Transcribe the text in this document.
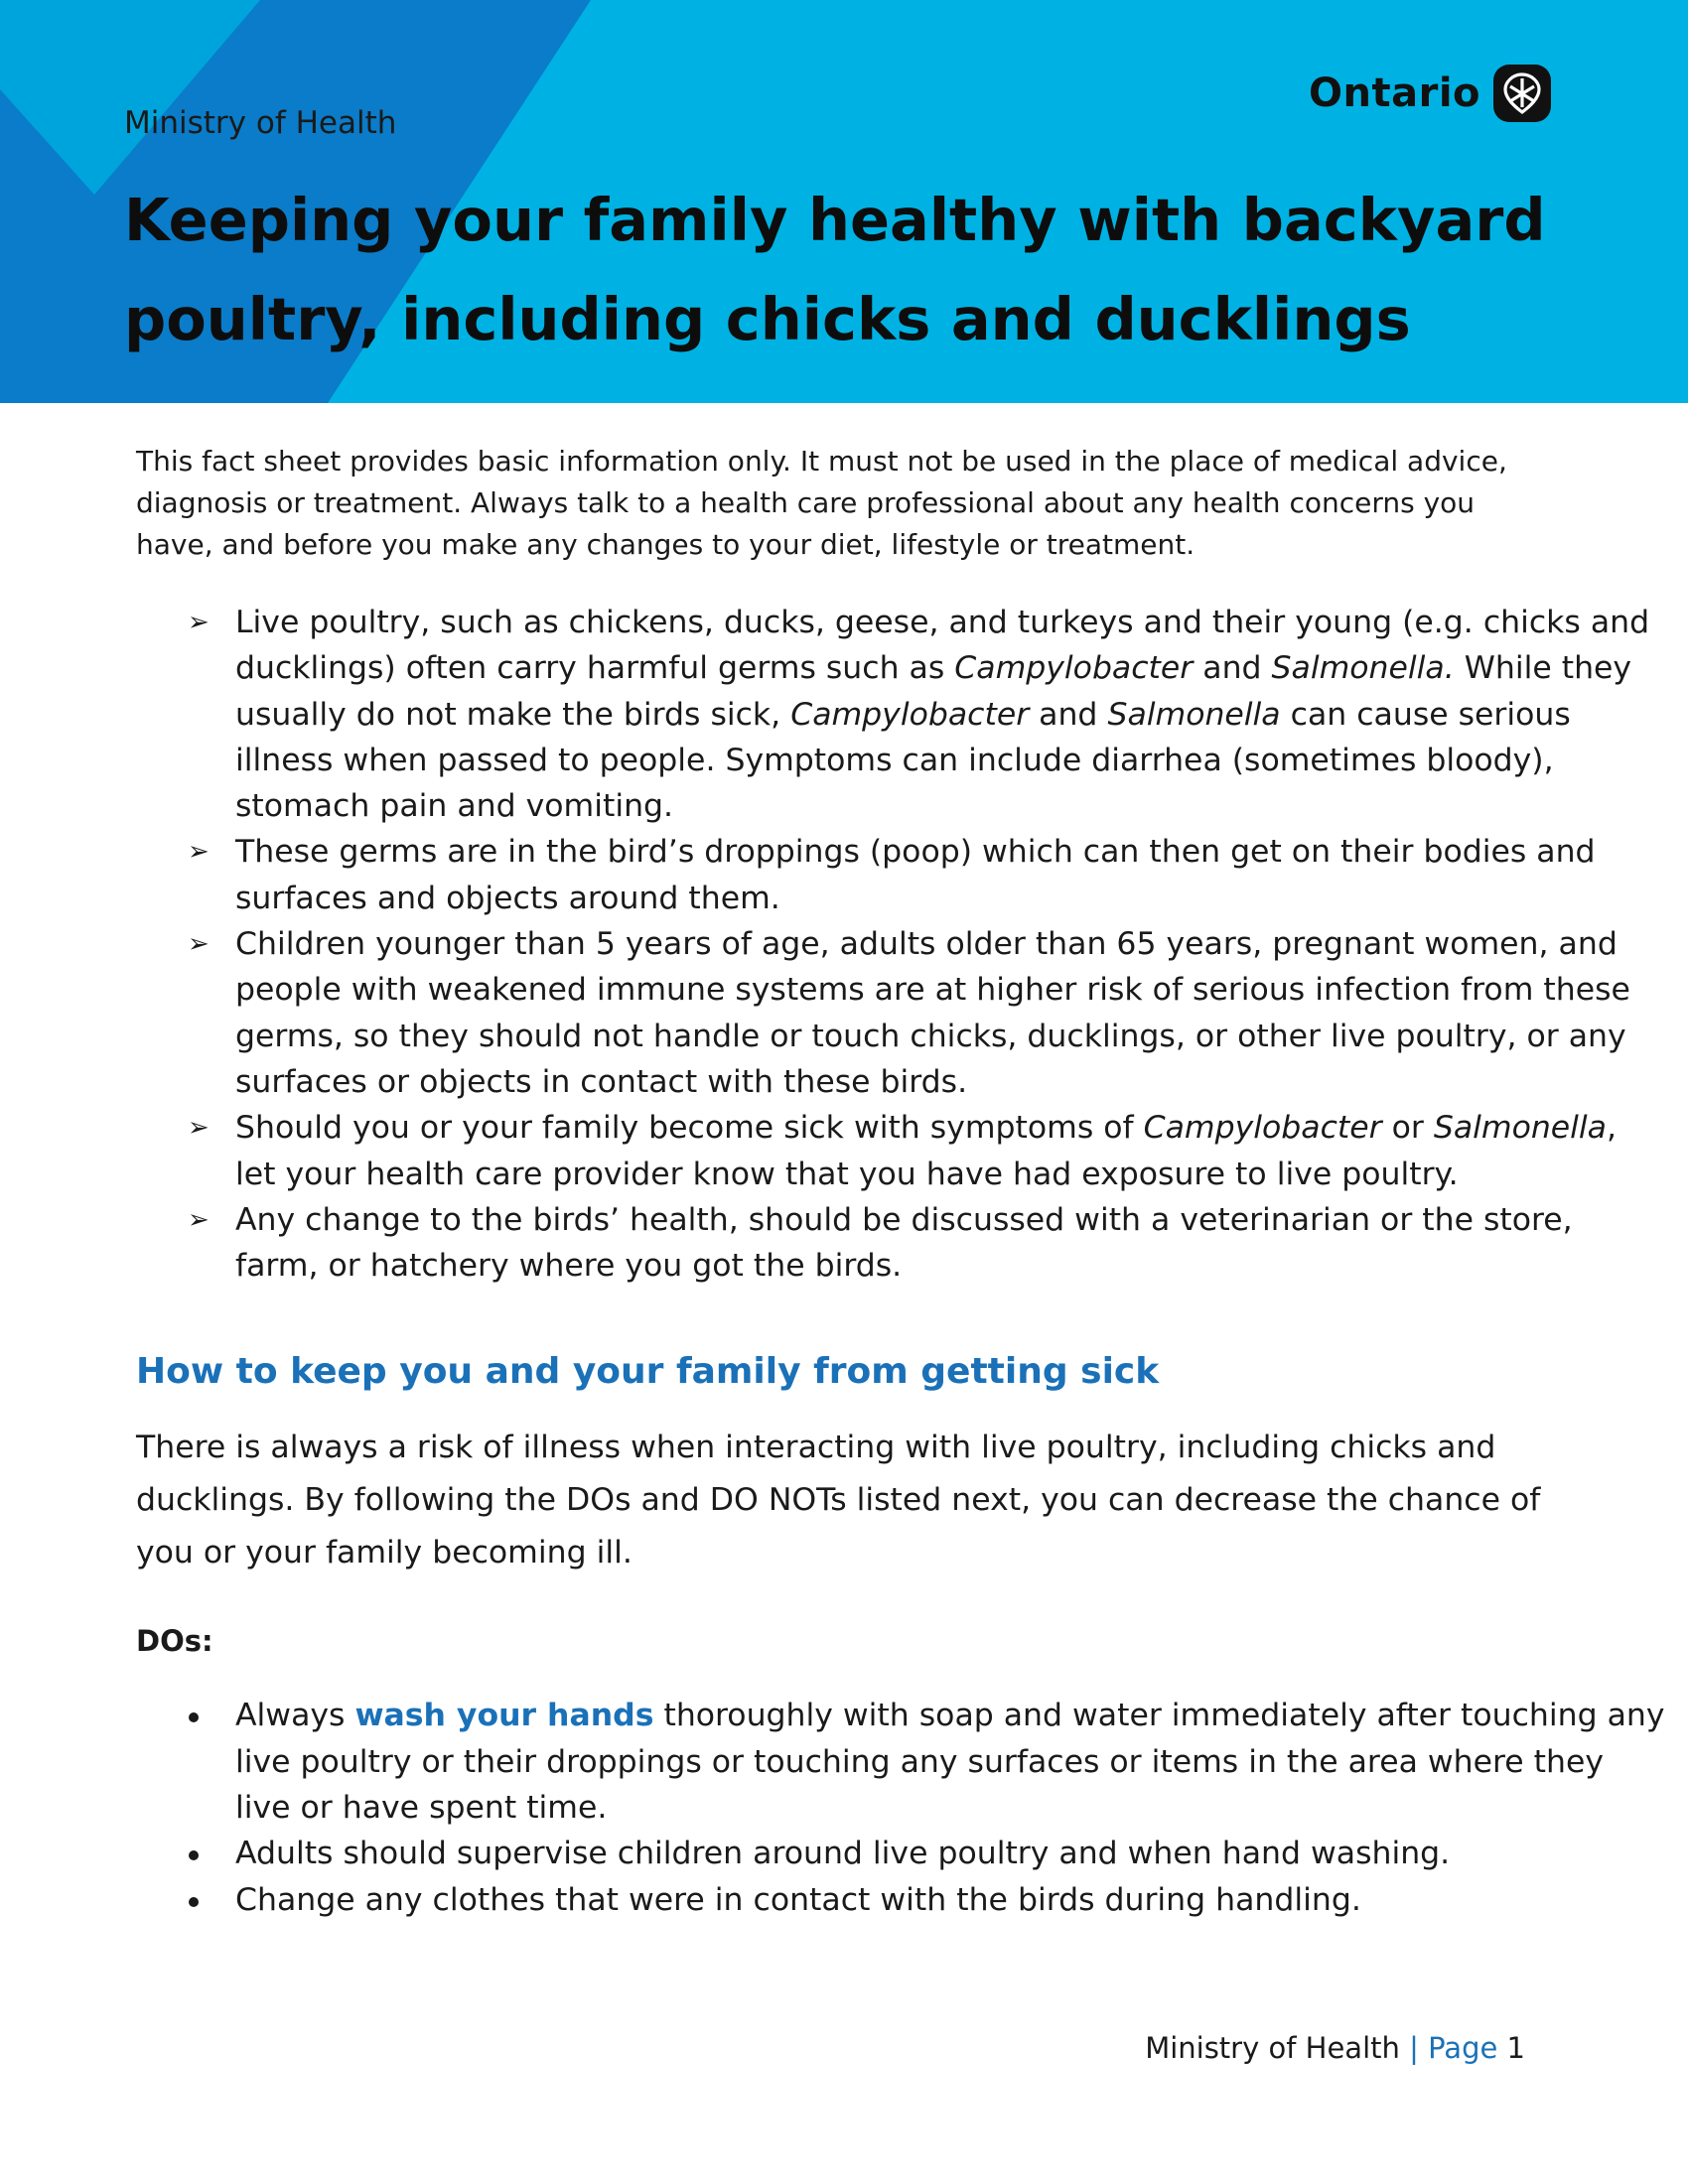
Ministry of Health
Ontario
Keeping your family healthy with backyard poultry, including chicks and ducklings

This fact sheet provides basic information only. It must not be used in the place of medical advice, diagnosis or treatment. Always talk to a health care professional about any health concerns you have, and before you make any changes to your diet, lifestyle or treatment.

➢ Live poultry, such as chickens, ducks, geese, and turkeys and their young (e.g. chicks and ducklings) often carry harmful germs such as Campylobacter and Salmonella. While they usually do not make the birds sick, Campylobacter and Salmonella can cause serious illness when passed to people. Symptoms can include diarrhea (sometimes bloody), stomach pain and vomiting.
➢ These germs are in the bird’s droppings (poop) which can then get on their bodies and surfaces and objects around them.
➢ Children younger than 5 years of age, adults older than 65 years, pregnant women, and people with weakened immune systems are at higher risk of serious infection from these germs, so they should not handle or touch chicks, ducklings, or other live poultry, or any surfaces or objects in contact with these birds.
➢ Should you or your family become sick with symptoms of Campylobacter or Salmonella, let your health care provider know that you have had exposure to live poultry.
➢ Any change to the birds’ health, should be discussed with a veterinarian or the store, farm, or hatchery where you got the birds.
How to keep you and your family from getting sick

There is always a risk of illness when interacting with live poultry, including chicks and ducklings. By following the DOs and DO NOTs listed next, you can decrease the chance of you or your family becoming ill.

DOs:

Always wash your hands thoroughly with soap and water immediately after touching any live poultry or their droppings or touching any surfaces or items in the area where they live or have spent time.
Adults should supervise children around live poultry and when hand washing.
Change any clothes that were in contact with the birds during handling.
Ministry of Health | Page 1
